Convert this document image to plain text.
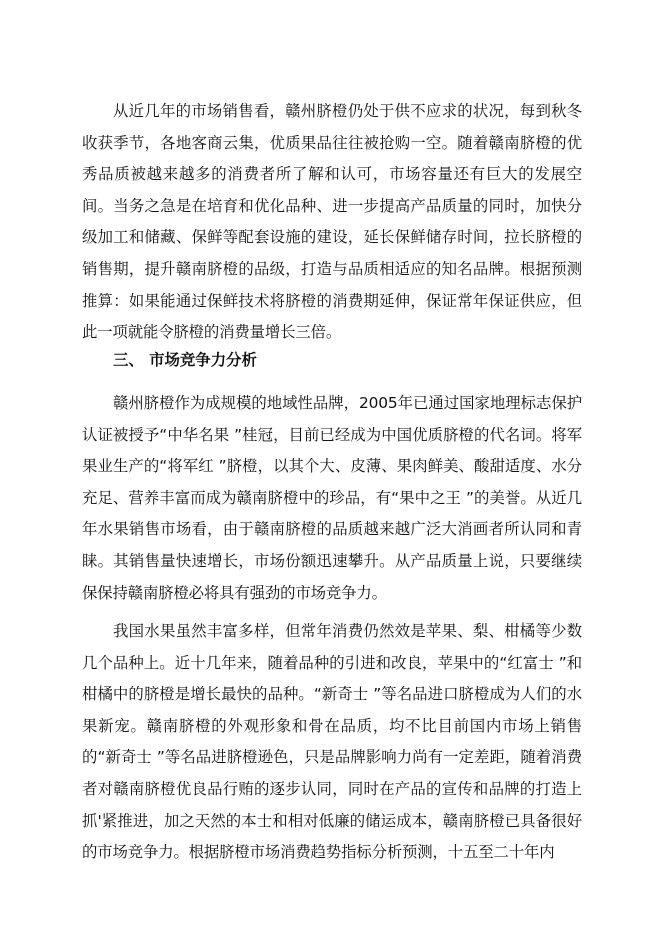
从近几年的市场销售看，赣州脐橙仍处于供不应求的状况，每到秋冬收获季节，各地客商云集，优质果品往往被抢购一空。随着赣南脐橙的优秀品质被越来越多的消费者所了解和认可，市场容量还有巨大的发展空间。当务之急是在培育和优化品种、进一步提高产品质量的同时，加快分级加工和储藏、保鲜等配套设施的建设，延长保鲜储存时间，拉长脐橙的销售期，提升赣南脐橙的品级，打造与品质相适应的知名品牌。根据预测推算：如果能通过保鲜技术将脐橙的消费期延伸，保证常年保证供应，但此一项就能令脐橙的消费量增长三倍。

三、 市场竞争力分析

赣州脐橙作为成规模的地域性品牌，2005年已通过国家地理标志保护认证被授予“中华名果 ”桂冠，目前已经成为中国优质脐橙的代名词。将军果业生产的“将军红 ”脐橙，以其个大、皮薄、果肉鲜美、酸甜适度、水分充足、营养丰富而成为赣南脐橙中的珍品，有“果中之王 ”的美誉。从近几年水果销售市场看，由于赣南脐橙的品质越来越广泛大消画者所认同和青睐。其销售量快速增长，市场份额迅速攀升。从产品质量上说，只要继续保保持赣南脐橙必将具有强劲的市场竞争力。

我国水果虽然丰富多样，但常年消费仍然效是苹果、梨、柑橘等少数几个品种上。近十几年来，随着品种的引进和改良，苹果中的“红富士 ”和柑橘中的脐橙是增长最快的品种。“新奇士 ”等名品进口脐橙成为人们的水果新宠。赣南脐橙的外观形象和骨在品质，均不比目前国内市场上销售的“新奇士 ”等名品进脐橙逊色，只是品牌影响力尚有一定差距，随着消费者对赣南脐橙优良品行贿的逐步认同，同时在产品的宣传和品牌的打造上抓'紧推进，加之天然的本士和相对低廉的储运成本，赣南脐橙已具备很好的市场竞争力。根据脐橙市场消费趋势指标分析预测，十五至二十年内
